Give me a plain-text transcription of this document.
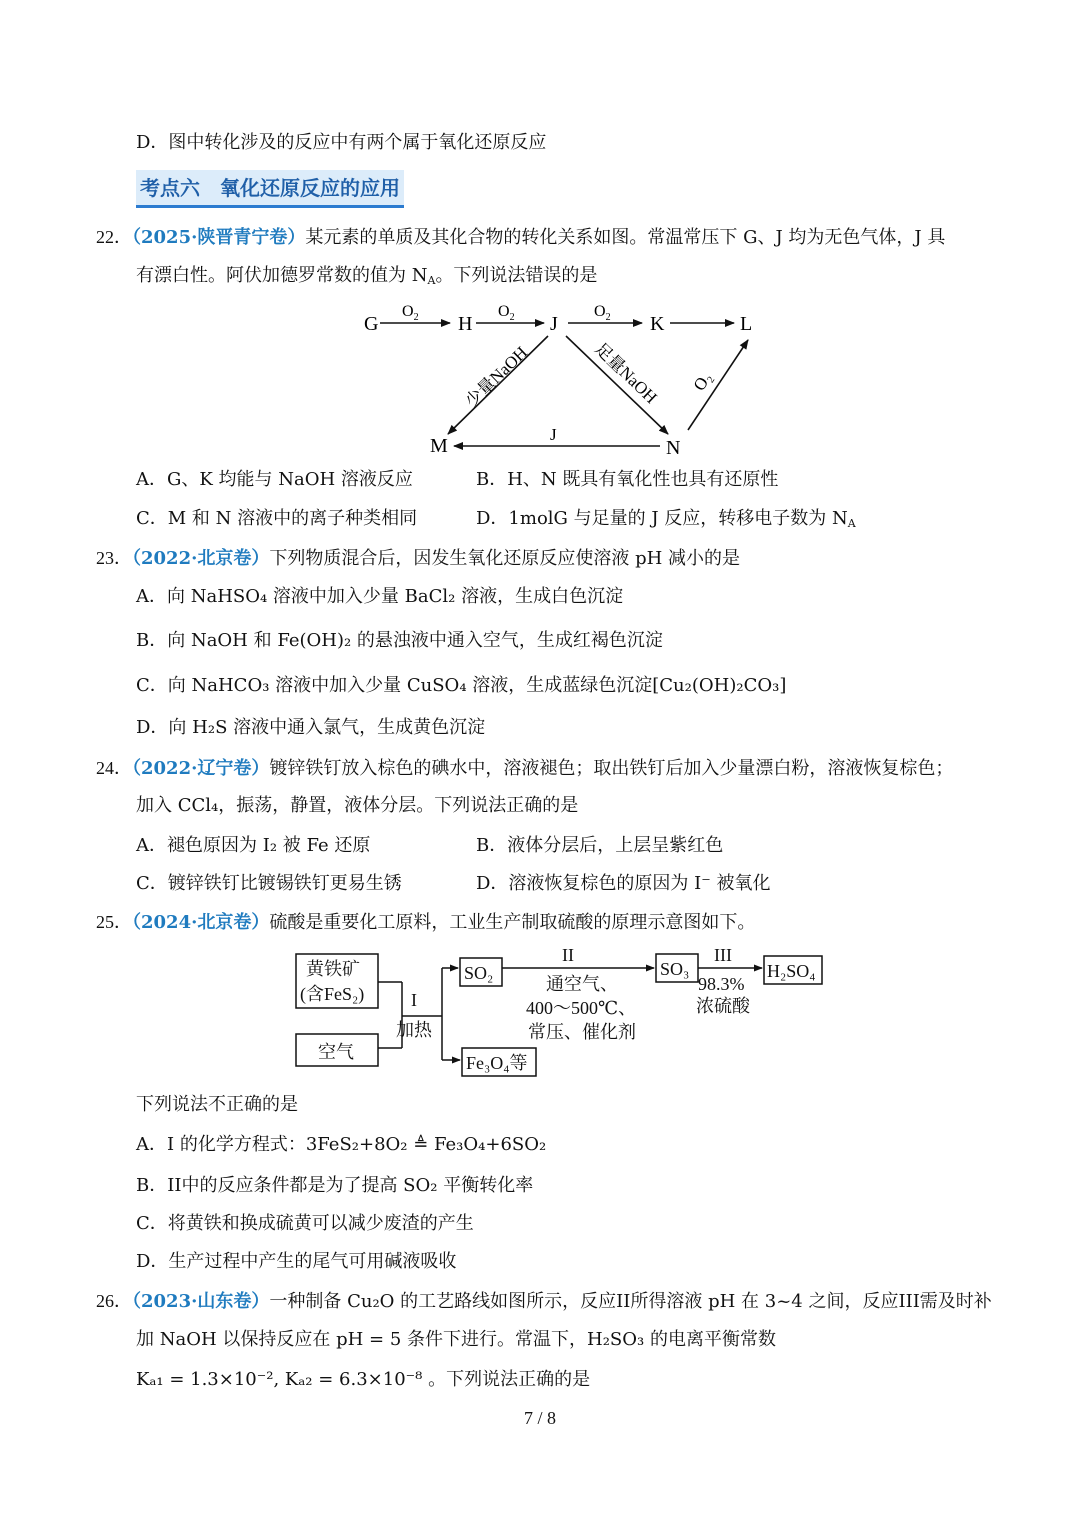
D．图中转化涉及的反应中有两个属于氧化还原反应
考点六　氧化还原反应的应用
22．（2025·陕晋青宁卷）某元素的单质及其化合物的转化关系如图。常温常压下 G、J 均为无色气体，J 具
有漂白性。阿伏加德罗常数的值为 $N_A$。下列说法错误的是
G	H	J	K	L
M	N
$O_2$	$O_2$	$O_2$
少量NaOH	足量NaOH
J
O₂
A．G、K 均能与 NaOH 溶液反应	B．H、N 既具有氧化性也具有还原性
C．M 和 N 溶液中的离子种类相同	D．1molG 与足量的 J 反应，转移电子数为 $N_A$
23．（2022·北京卷）下列物质混合后，因发生氧化还原反应使溶液 pH 减小的是
A．向 NaHSO₄ 溶液中加入少量 BaCl₂ 溶液，生成白色沉淀
B．向 NaOH 和 Fe(OH)₂ 的悬浊液中通入空气，生成红褐色沉淀
C．向 NaHCO₃ 溶液中加入少量 CuSO₄ 溶液，生成蓝绿色沉淀[Cu₂(OH)₂CO₃]
D．向 H₂S 溶液中通入氯气，生成黄色沉淀
24．（2022·辽宁卷）镀锌铁钉放入棕色的碘水中，溶液褪色；取出铁钉后加入少量漂白粉，溶液恢复棕色；
加入 CCl₄，振荡，静置，液体分层。下列说法正确的是
A．褪色原因为 I₂ 被 Fe 还原	B．液体分层后，上层呈紫红色
C．镀锌铁钉比镀锡铁钉更易生锈	D．溶液恢复棕色的原因为 I⁻ 被氧化
25．（2024·北京卷）硫酸是重要化工原料，工业生产制取硫酸的原理示意图如下。
黄铁矿
(含FeS₂)
空气
I
加热
SO₂
II
通空气、
400～500℃、
常压、催化剂
SO₃
III
98.3%
浓硫酸
H₂SO₄
Fe₃O₄等
下列说法不正确的是
A．I 的化学方程式：3FeS₂+8O₂ ≜ Fe₃O₄+6SO₂
B．II中的反应条件都是为了提高 SO₂ 平衡转化率
C．将黄铁和换成硫黄可以减少废渣的产生
D．生产过程中产生的尾气可用碱液吸收
26．（2023·山东卷）一种制备 Cu₂O 的工艺路线如图所示，反应II所得溶液 pH 在 3~4 之间，反应III需及时补
加 NaOH 以保持反应在 pH = 5 条件下进行。常温下，H₂SO₃ 的电离平衡常数
Kₐ₁ = 1.3×10⁻², Kₐ₂ = 6.3×10⁻⁸ 。下列说法正确的是
7 / 8
